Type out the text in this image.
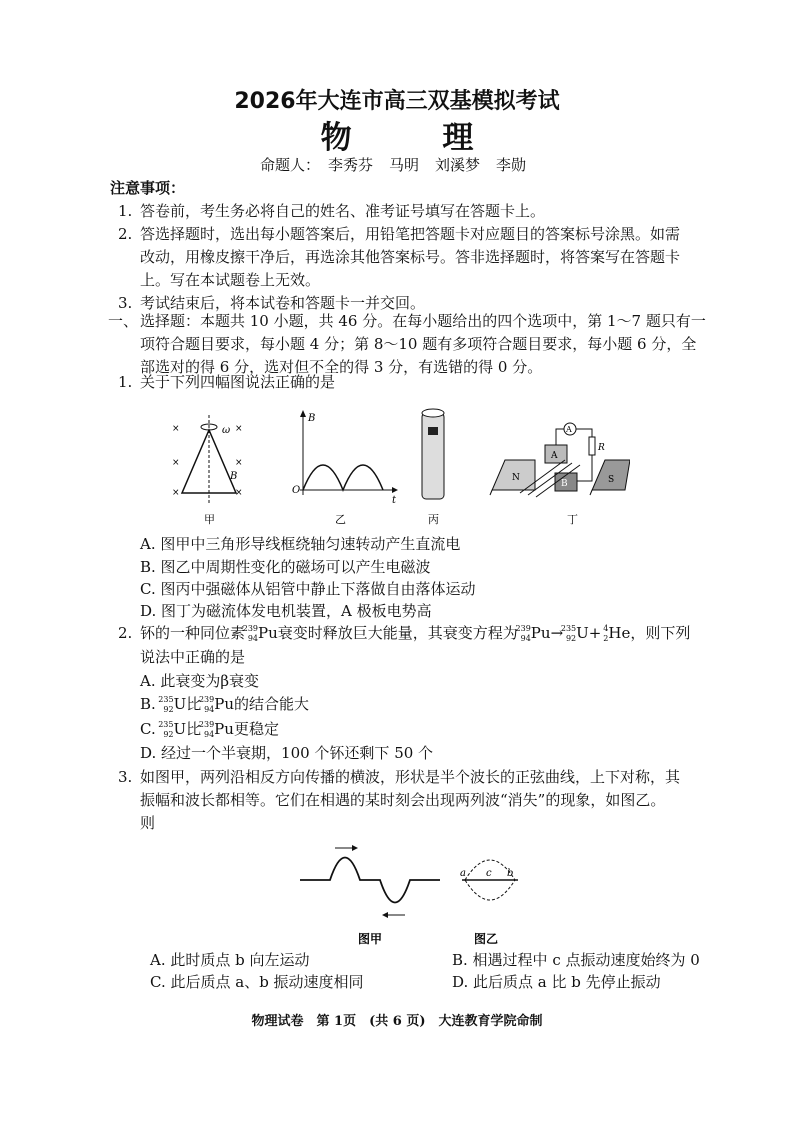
2026年大连市高三双基模拟考试
物 理
命题人： 李秀芬 马明 刘溪梦 李勋
注意事项：
1. 答卷前，考生务必将自己的姓名、准考证号填写在答题卡上。
2. 答选择题时，选出每小题答案后，用铅笔把答题卡对应题目的答案标号涂黑。如需
改动，用橡皮擦干净后，再选涂其他答案标号。答非选择题时，将答案写在答题卡
上。写在本试题卷上无效。
3. 考试结束后，将本试卷和答题卡一并交回。
一、 选择题：本题共 10 小题，共 46 分。在每小题给出的四个选项中，第 1～7 题只有一
项符合题目要求，每小题 4 分；第 8～10 题有多项符合题目要求，每小题 6 分，全
部选对的得 6 分，选对但不全的得 3 分，有选错的得 0 分。
1. 关于下列四幅图说法正确的是
×
×
×
×
×
×
ω
B
甲
B
O
t
乙	丙
N	S
A
B
A
R
丁
A. 图甲中三角形导线框绕轴匀速转动产生直流电
B. 图乙中周期性变化的磁场可以产生电磁波
C. 图丙中强磁体从铝管中静止下落做自由落体运动
D. 图丁为磁流体发电机装置，A 极板电势高
2. 钚的一种同位素
239
94 Pu衰变时释放巨大能量，其衰变方程为
239
94 Pu→
235
92 U+ 4
2 He，则下列
说法中正确的是
A. 此衰变为β衰变
B. 235
92 U比
239
94 Pu的结合能大
C. 235
92 U比
239
94 Pu更稳定
D. 经过一个半衰期，100 个钚还剩下 50 个
3. 如图甲，两列沿相反方向传播的横波，形状是半个波长的正弦曲线，上下对称，其
振幅和波长都相等。它们在相遇的某时刻会出现两列波“消失”的现象，如图乙。
则
图甲
a c b
图乙
A. 此时质点 b 向左运动	B. 相遇过程中 c 点振动速度始终为 0
C. 此后质点 a、b 振动速度相同	D. 此后质点 a 比 b 先停止振动
物理试卷　第 1页　(共 6 页)　大连教育学院命制
